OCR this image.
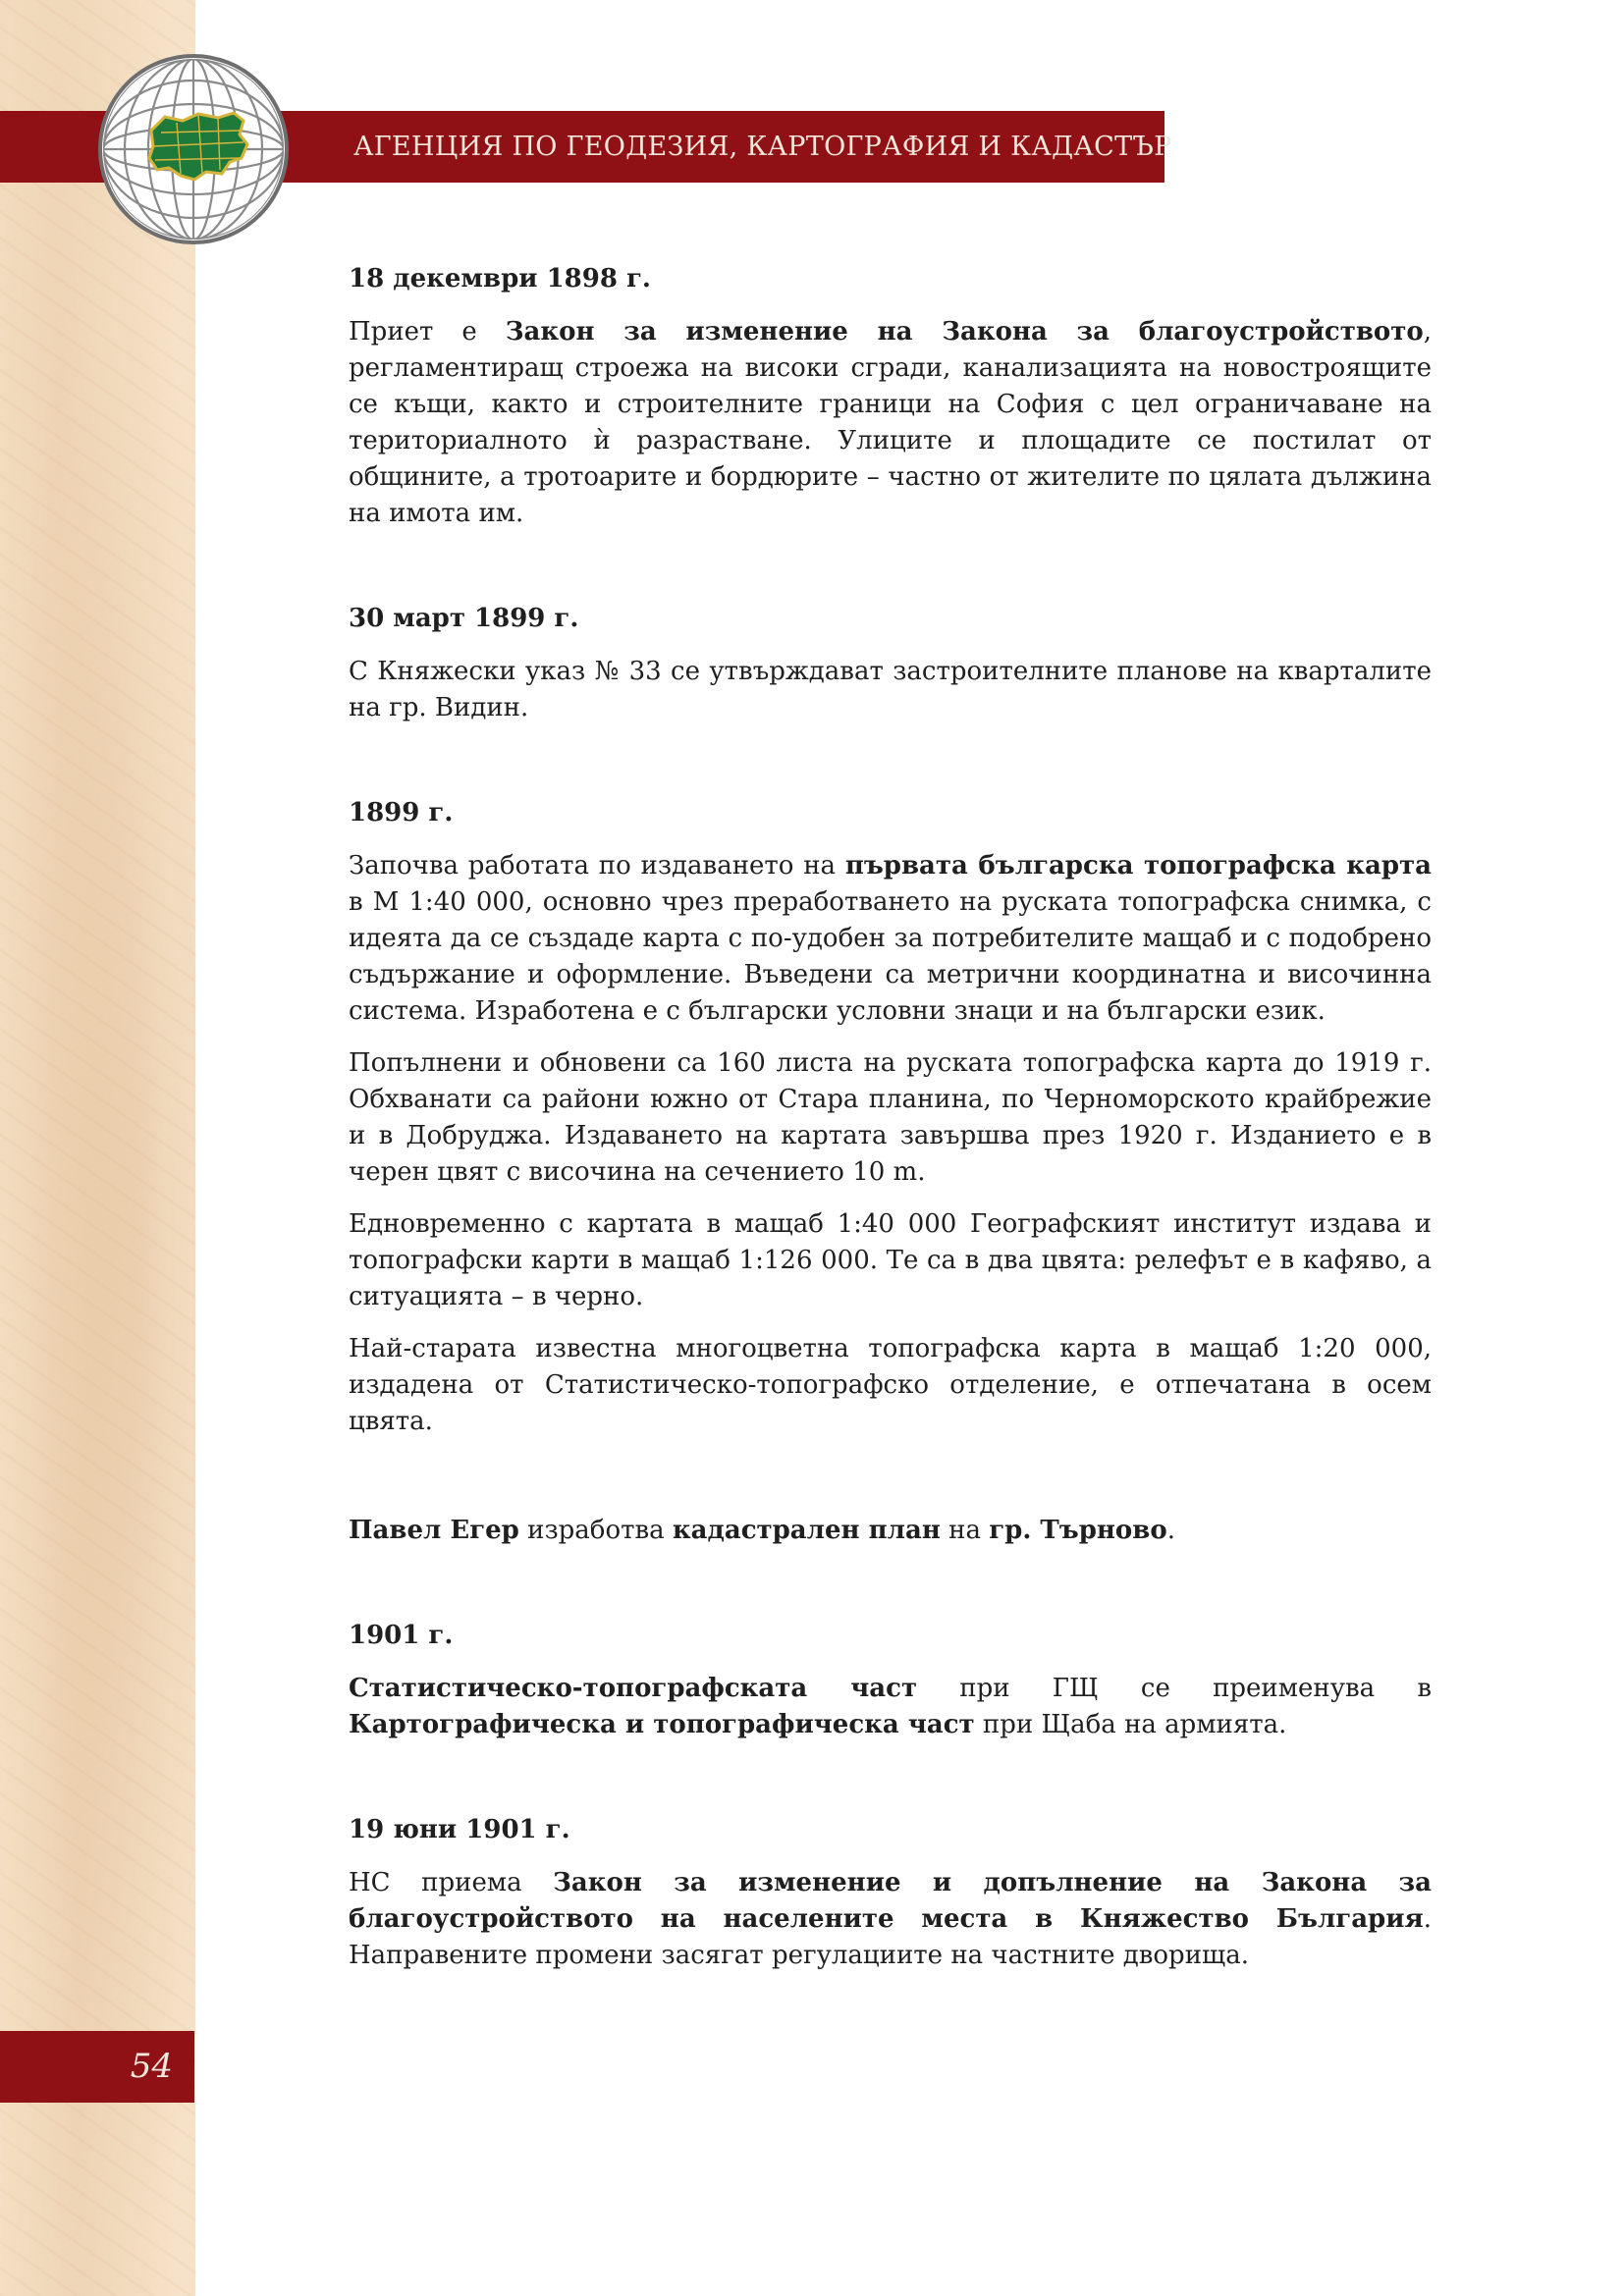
АГЕНЦИЯ ПО ГЕОДЕЗИЯ, КАРТОГРАФИЯ И КАДАСТЪР
18 декември 1898 г.

Приет е Закон за изменение на Закона за благоустройството, регламентиращ строежа на високи сгради, канализацията на новостроящите се къщи, както и строителните граници на София с цел ограничаване на териториалното ѝ разрастване. Улиците и площадите се постилат от общините, а тротоарите и бордюрите – частно от жителите по цялата дължина на имота им.

30 март 1899 г.

С Княжески указ № 33 се утвърждават застроителните планове на кварталите на гр. Видин.

1899 г.

Започва работата по издаването на първата българска топографска карта в М 1:40 000, основно чрез преработването на руската топографска снимка, с идеята да се създаде карта с по-удобен за потребителите мащаб и с подобрено съдържание и оформление. Въведени са метрични координатна и височинна система. Изработена е с български условни знаци и на български език.

Попълнени и обновени са 160 листа на руската топографска карта до 1919 г. Обхванати са райони южно от Стара планина, по Черноморското крайбрежие и в Добруджа. Издаването на картата завършва през 1920 г. Изданието е в черен цвят с височина на сечението 10 m.

Едновременно с картата в мащаб 1:40 000 Географският институт издава и топографски карти в мащаб 1:126 000. Те са в два цвята: релефът е в кафяво, а ситуацията – в черно.

Най-старата известна многоцветна топографска карта в мащаб 1:20 000, издадена от Статистическо-топографско отделение, е отпечатана в осем цвята.

Павел Егер изработва кадастрален план на гр. Търново.

1901 г.

Статистическо-топографската част при ГЩ се преименува в Картографическа и топографическа част при Щаба на армията.

19 юни 1901 г.

НС приема Закон за изменение и допълнение на Закона за благоустройството на населените места в Княжество България. Направените промени засягат регулациите на частните дворища.

54
